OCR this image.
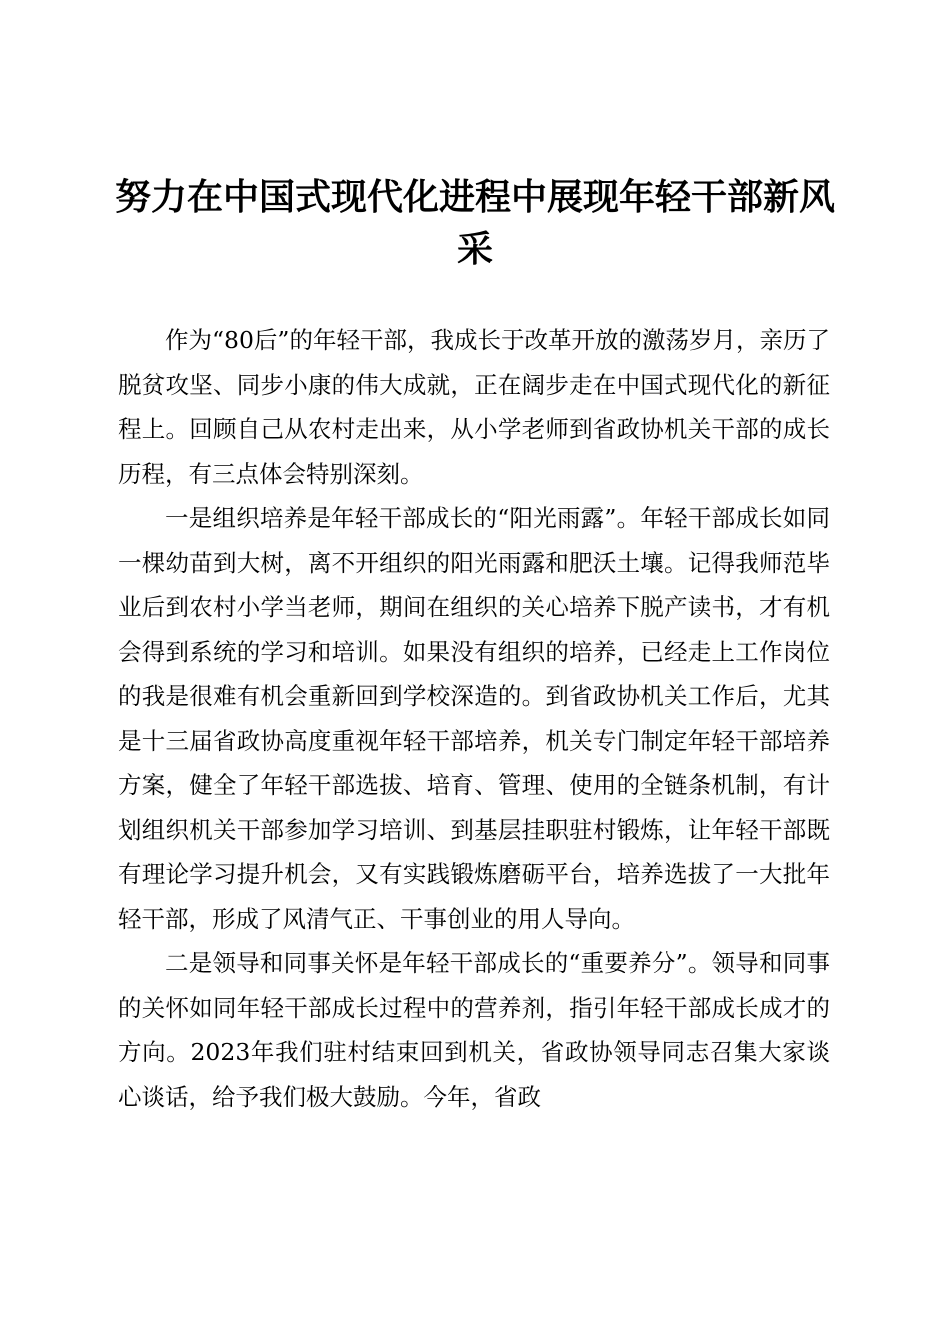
努力在中国式现代化进程中展现年轻干部新风采

作为“80后”的年轻干部，我成长于改革开放的激荡岁月，亲历了脱贫攻坚、同步小康的伟大成就，正在阔步走在中国式现代化的新征程上。回顾自己从农村走出来，从小学老师到省政协机关干部的成长历程，有三点体会特别深刻。

一是组织培养是年轻干部成长的“阳光雨露”。年轻干部成长如同一棵幼苗到大树，离不开组织的阳光雨露和肥沃土壤。记得我师范毕业后到农村小学当老师，期间在组织的关心培养下脱产读书，才有机会得到系统的学习和培训。如果没有组织的培养，已经走上工作岗位的我是很难有机会重新回到学校深造的。到省政协机关工作后，尤其是十三届省政协高度重视年轻干部培养，机关专门制定年轻干部培养方案，健全了年轻干部选拔、培育、管理、使用的全链条机制，有计划组织机关干部参加学习培训、到基层挂职驻村锻炼，让年轻干部既有理论学习提升机会，又有实践锻炼磨砺平台，培养选拔了一大批年轻干部，形成了风清气正、干事创业的用人导向。

二是领导和同事关怀是年轻干部成长的“重要养分”。领导和同事的关怀如同年轻干部成长过程中的营养剂，指引年轻干部成长成才的方向。2023年我们驻村结束回到机关，省政协领导同志召集大家谈心谈话，给予我们极大鼓励。今年，省政
